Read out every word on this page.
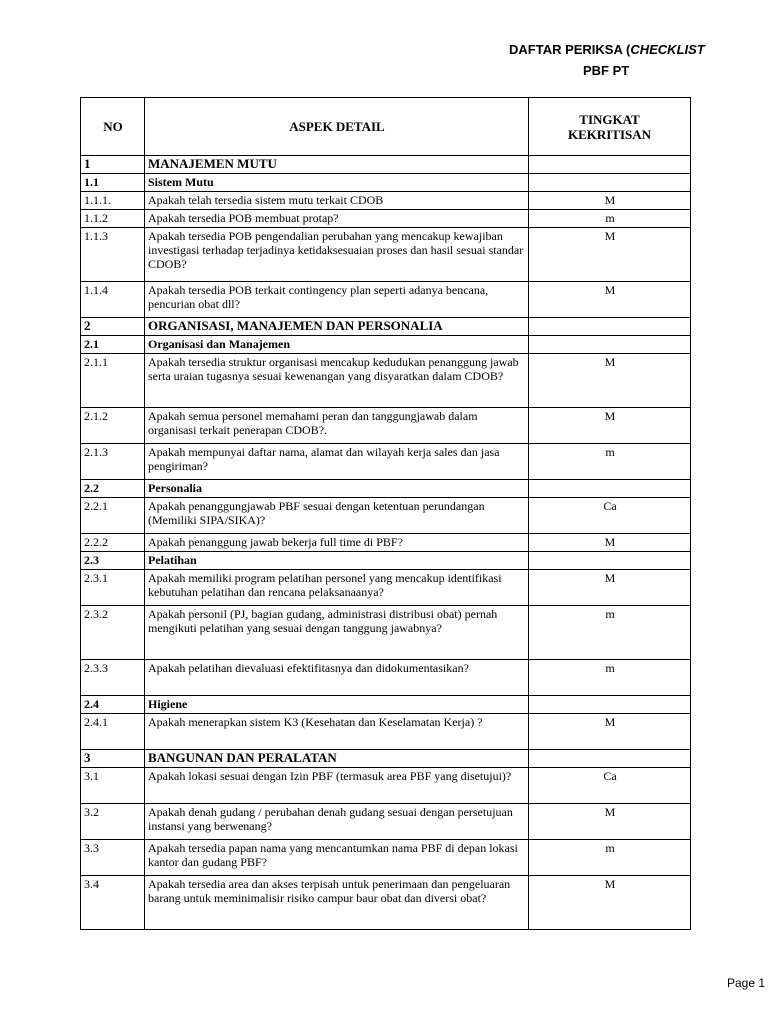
DAFTAR PERIKSA (CHECKLIST
PBF PT
NO	ASPEK DETAIL	TINGKAT KEKRITISAN
1	MANAJEMEN MUTU	
1.1	Sistem Mutu	
1.1.1.	Apakah telah tersedia sistem mutu terkait CDOB	M
1.1.2	Apakah tersedia POB membuat protap?	m
1.1.3	Apakah tersedia POB pengendalian perubahan yang mencakup kewajiban investigasi terhadap terjadinya ketidaksesuaian proses dan hasil sesuai standar CDOB?	M
1.1.4	Apakah tersedia POB terkait contingency plan seperti adanya bencana, pencurian obat dll?	M
2	ORGANISASI, MANAJEMEN DAN PERSONALIA	
2.1	Organisasi dan Manajemen	
2.1.1	Apakah tersedia struktur organisasi mencakup kedudukan penanggung jawab serta uraian tugasnya sesuai kewenangan yang disyaratkan dalam CDOB?	M
2.1.2	Apakah semua personel memahami peran dan tanggungjawab dalam organisasi terkait penerapan CDOB?.	M
2.1.3	Apakah mempunyai daftar nama, alamat dan wilayah kerja sales dan jasa pengiriman?	m
2.2	Personalia	
2.2.1	Apakah penanggungjawab PBF sesuai dengan ketentuan perundangan (Memiliki SIPA/SIKA)?	Ca
2.2.2	Apakah penanggung jawab bekerja full time di PBF?	M
2.3	Pelatihan	
2.3.1	Apakah memiliki program pelatihan personel yang mencakup identifikasi kebutuhan pelatihan dan rencana pelaksanaanya?	M
2.3.2	Apakah personil (PJ, bagian gudang, administrasi distribusi obat) pernah mengikuti pelatihan yang sesuai dengan tanggung jawabnya?	m
2.3.3	Apakah pelatihan dievaluasi efektifitasnya dan didokumentasikan?	m
2.4	Higiene	
2.4.1	Apakah menerapkan sistem K3 (Kesehatan dan Keselamatan Kerja) ?	M
3	BANGUNAN DAN PERALATAN	
3.1	Apakah lokasi sesuai dengan Izin PBF (termasuk area PBF yang disetujui)?	Ca
3.2	Apakah denah gudang / perubahan denah gudang sesuai dengan persetujuan instansi yang berwenang?	M
3.3	Apakah tersedia papan nama yang mencantumkan nama PBF di depan lokasi kantor dan gudang PBF?	m
3.4	Apakah tersedia area dan akses terpisah untuk penerimaan dan pengeluaran barang untuk meminimalisir risiko campur baur obat dan diversi obat?	M
Page 1
